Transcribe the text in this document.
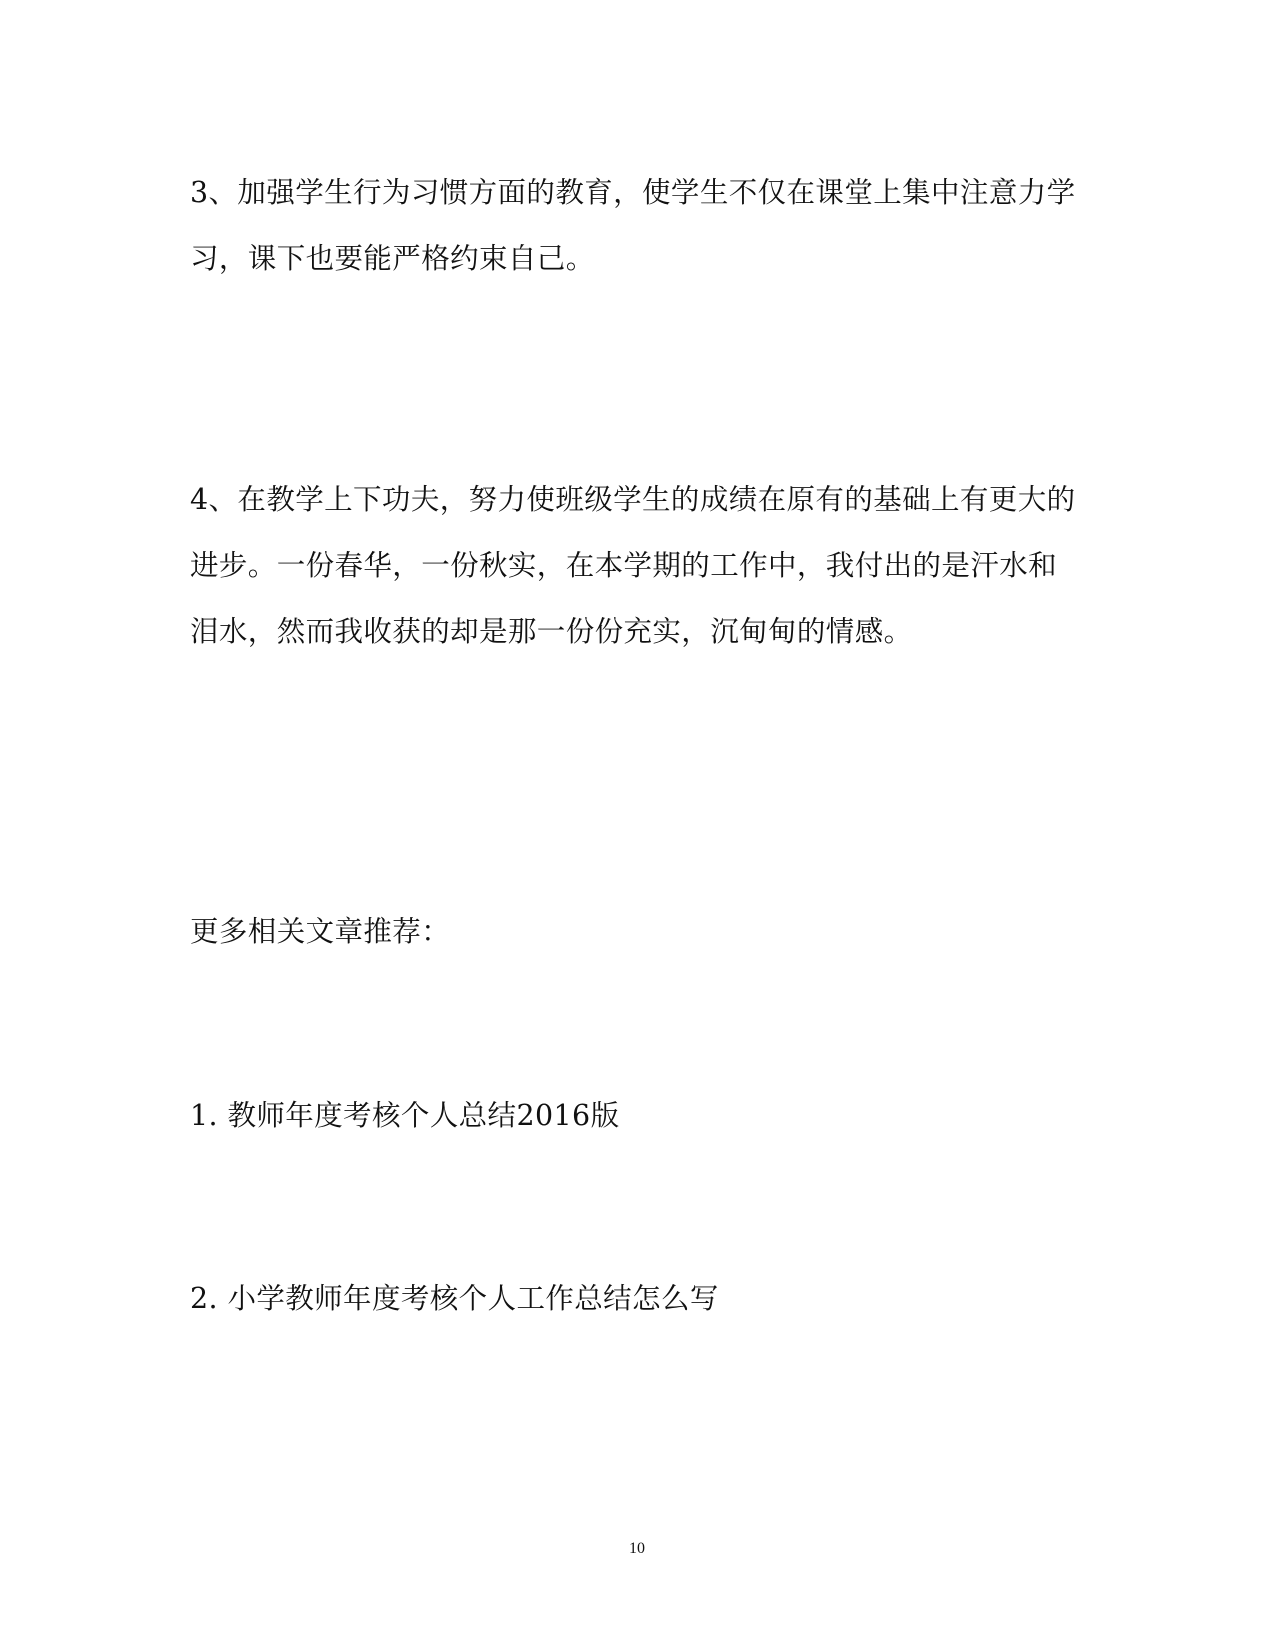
3、加强学生行为习惯方面的教育，使学生不仅在课堂上集中注意力学
习，课下也要能严格约束自己。

4、在教学上下功夫，努力使班级学生的成绩在原有的基础上有更大的
进步。一份春华，一份秋实，在本学期的工作中，我付出的是汗水和
泪水，然而我收获的却是那一份份充实，沉甸甸的情感。

更多相关文章推荐：

1. 教师年度考核个人总结2016版

2. 小学教师年度考核个人工作总结怎么写

10
